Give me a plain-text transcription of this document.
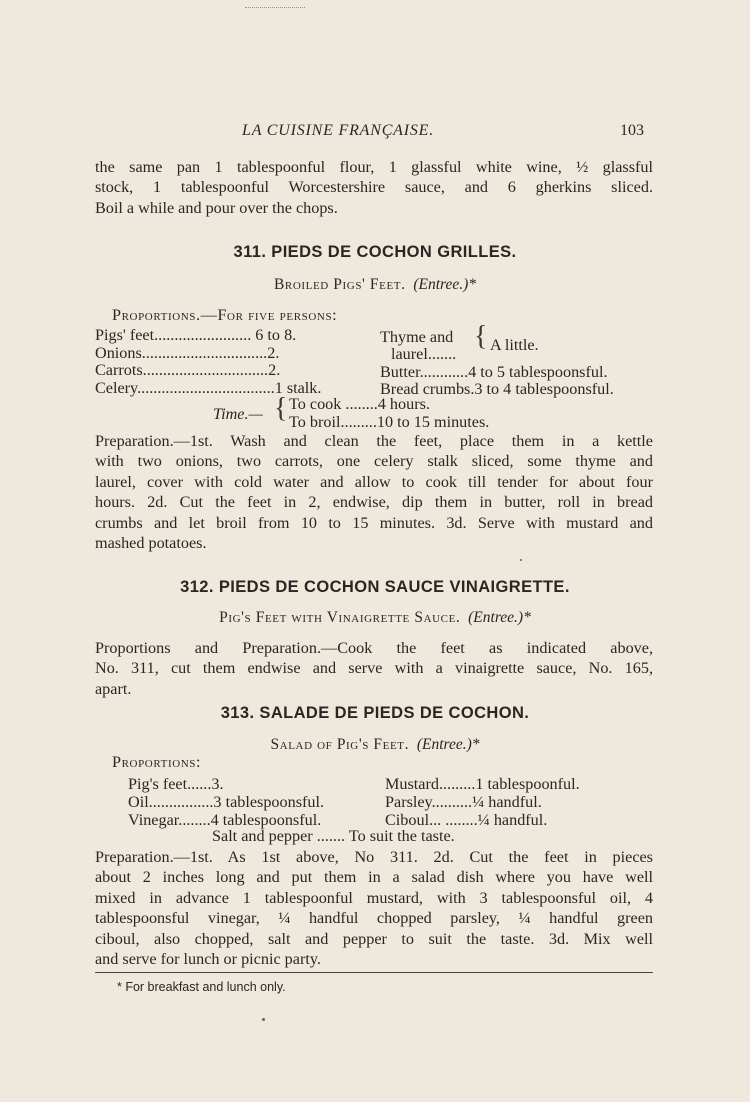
LA CUISINE FRANÇAISE.	103
the same pan 1 tablespoonful flour, 1 glassful white wine, ½ glassful
stock, 1 tablespoonful Worcestershire sauce, and 6 gherkins sliced.
Boil a while and pour over the chops.
311. PIEDS DE COCHON GRILLES.
Broiled Pigs' Feet. (Entree.)*
Proportions.—For five persons:
Pigs' feet........................ 6 to 8.
Onions...............................2.
Carrots...............................2.
Celery..................................1 stalk.
Thyme and
laurel.......
{ A little.
Butter............4 to 5 tablespoonsful.
Bread crumbs.3 to 4 tablespoonsful.
Time.— { To cook ........4 hours.
To broil.........10 to 15 minutes.
Preparation.—1st. Wash and clean the feet, place them in a kettle
with two onions, two carrots, one celery stalk sliced, some thyme and
laurel, cover with cold water and allow to cook till tender for about four
hours. 2d. Cut the feet in 2, endwise, dip them in butter, roll in bread
crumbs and let broil from 10 to 15 minutes. 3d. Serve with mustard and
mashed potatoes.
312. PIEDS DE COCHON SAUCE VINAIGRETTE.
Pig's Feet with Vinaigrette Sauce. (Entree.)*
Proportions and Preparation.—Cook the feet as indicated above,
No. 311, cut them endwise and serve with a vinaigrette sauce, No. 165,
apart.
313. SALADE DE PIEDS DE COCHON.
Salad of Pig's Feet. (Entree.)*
Proportions:
Pig's feet......3.
Oil................3 tablespoonsful.
Vinegar........4 tablespoonsful.
Mustard.........1 tablespoonful.
Parsley..........¼ handful.
Ciboul... ........¼ handful.
Salt and pepper ....... To suit the taste.
Preparation.—1st. As 1st above, No 311. 2d. Cut the feet in pieces
about 2 inches long and put them in a salad dish where you have well
mixed in advance 1 tablespoonful mustard, with 3 tablespoonsful oil, 4
tablespoonsful vinegar, ¼ handful chopped parsley, ¼ handful green
ciboul, also chopped, salt and pepper to suit the taste. 3d. Mix well
and serve for lunch or picnic party.
* For breakfast and lunch only.
